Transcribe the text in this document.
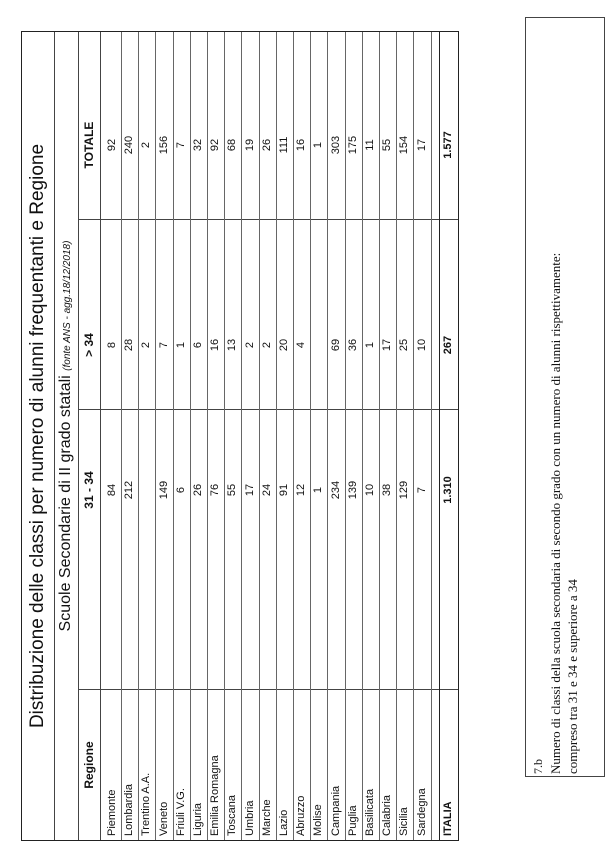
Distribuzione delle classi per numero di alunni frequentanti e Regione Scuole Secondarie di II grado statali (fonte ANS - agg.18/12/2018)
Regione
31 - 34
> 34
TOTALE
Piemonte
84
8
92
Lombardia
212
28
240
Trentino A.A.
2
2
Veneto
149
7
156
Friuli V.G.
6
1
7
Liguria
26
6
32
Emilia Romagna
76
16
92
Toscana
55
13
68
Umbria
17
2
19
Marche
24
2
26
Lazio
91
20
111
Abruzzo
12
4
16
Molise
1
1
Campania
234
69
303
Puglia
139
36
175
Basilicata
10
1
11
Calabria
38
17
55
Sicilia
129
25
154
Sardegna
7
10
17
ITALIA
1.310
267
1.577
7.b Numero di classi della scuola secondaria di secondo grado con un numero di alunni rispettivamente: compreso tra 31 e 34 e superiore a 34
